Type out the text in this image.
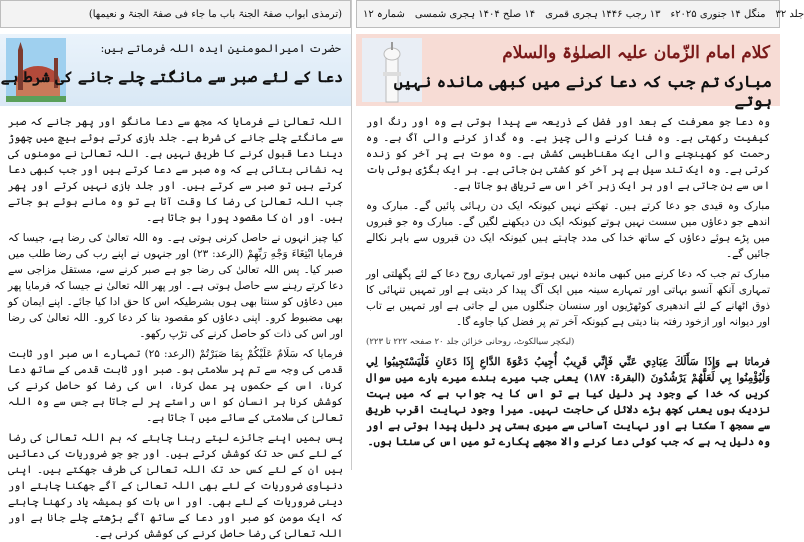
(ترمذی ابواب صفۃ الجنۃ باب ما جاء فی صفۃ الجنۃ و نعیمھا)
حضرت امیرالمومنین ایدہ اللہ فرماتے ہیں:
دعا کے لئے صبر سے مانگتے چلے جانے کی شرط ہے

اللہ تعالیٰ نے فرمایا کہ مجھ سے دعا مانگو اور پھر جانے کہ صبر سے مانگتے چلے جانے کی شرط ہے۔ جلد بازی کرتے ہوئے ہیچ میں چھوڑ دینا دعا قبول کرنے کا طریق نہیں ہے۔ اللہ تعالیٰ نے مومنوں کی یہ نشانی بتائی ہے کہ وہ صبر سے دعا کرتے ہیں اور جب کبھی دعا کرتے ہیں تو صبر سے کرتے ہیں۔ اور جلد بازی نہیں کرتے اور پھر جب اللہ تعالیٰ کی رضا کا وقت آتا ہے تو وہ مانے ہوئے ہو جاتے ہیں۔ اور ان کا مقصود پورا ہو جاتا ہے۔

کیا چیز انہوں نے حاصل کرنی ہوتی ہے۔ وہ اللہ تعالیٰ کی رضا ہے، جیسا کہ فرمایا ابْتِغَاءَ وَجْهِ رَبِّهِمْ (الرعد: ۲۳) اور جنہوں نے اپنے رب کی رضا طلب میں صبر کیا۔ پس اللہ تعالیٰ کی رضا جو ہے صبر کرنے سے، مستقل مزاجی سے دعا کرتے رہنے سے حاصل ہوتی ہے۔ اور پھر اللہ تعالیٰ نے جیسا کہ فرمایا پھر میں دعاؤں کو سنتا بھی ہوں بشرطیکہ اس کا حق ادا کیا جائے۔ اپنے ایمان کو بھی مضبوط کرو۔ اپنی دعاؤں کو مقصود بنا کر دعا کرو۔ اللہ تعالیٰ کی رضا اور اس کی ذات کو حاصل کرنے کی تڑپ رکھو۔

فرمایا کہ سَلَامٌ عَلَيْكُمْ بِمَا صَبَرْتُمْ (الرعد: ۲۵) تمہارے اس صبر اور ثابت قدمی کی وجہ سے تم پر سلامتی ہو۔ صبر اور ثابت قدمی کے ساتھ دعا کرنا، اس کے حکموں پر عمل کرنا، اس کی رضا کو حاصل کرنے کی کوشش کرنا ہر انسان کو اس راستے پر لے جاتا ہے جس سے وہ اللہ تعالیٰ کی سلامتی کے سائے میں آ جاتا ہے۔

پس ہمیں اپنے جائزے لیتے رہنا چاہئے کہ ہم اللہ تعالیٰ کی رضا کے لئے کس حد تک کوشش کرتے ہیں۔ اور جو جو ضروریات کی دعائیں ہیں ان کے لئے کس حد تک اللہ تعالیٰ کی طرف جھکتے ہیں۔ اپنی دنیاوی ضروریات کے لئے بھی اللہ تعالیٰ کے آگے جھکنا چاہئے اور دینی ضروریات کے لئے بھی۔ اور اس بات کو ہمیشہ یاد رکھنا چاہئے کہ ایک مومن کو صبر اور دعا کے ساتھ آگے بڑھتے چلے جانا ہے اور اللہ تعالیٰ کی رضا حاصل کرنے کی کوشش کرنی ہے۔

جلد ۳۲
منگل ۱۴ جنوری ۲۰۲۵ء
۱۳ رجب ۱۴۴۶ ہجری قمری
۱۴ صلح ۱۴۰۴ ہجری شمسی
شمارہ ۱۲
کلام امام الزّمان علیہ الصلوٰۃ والسلام
مبارک تم جب کہ دعا کرنے میں کبھی ماندہ نہیں ہوتے

وہ دعا جو معرفت کے بعد اور فضل کے ذریعہ سے پیدا ہوتی ہے وہ اور رنگ اور کیفیت رکھتی ہے۔ وہ فنا کرنے والی چیز ہے۔ وہ گداز کرنے والی آگ ہے۔ وہ رحمت کو کھینچنے والی ایک مقناطیسی کشش ہے۔ وہ موت ہے پر آخر کو زندہ کرتی ہے۔ وہ ایک تند سیل ہے پر آخر کو کشتی بن جاتی ہے۔ ہر ایک بگڑی ہوئی بات اس سے بن جاتی ہے اور ہر ایک زہر آخر اس سے تریاق ہو جاتا ہے۔

مبارک وہ قیدی جو دعا کرتے ہیں۔ تھکتے نہیں کیونکہ ایک دن رہائی پائیں گے۔ مبارک وہ اندھے جو دعاؤں میں سست نہیں ہوتے کیونکہ ایک دن دیکھنے لگیں گے۔ مبارک وہ جو قبروں میں پڑے ہوئے دعاؤں کے ساتھ خدا کی مدد چاہتے ہیں کیونکہ ایک دن قبروں سے باہر نکالے جائیں گے۔

مبارک تم جب کہ دعا کرنے میں کبھی ماندہ نہیں ہوتے اور تمہاری روح دعا کے لئے پگھلتی اور تمہاری آنکھ آنسو بہاتی اور تمہارے سینہ میں ایک آگ پیدا کر دیتی ہے اور تمہیں تنہائی کا ذوق اٹھانے کے لئے اندھیری کوٹھڑیوں اور سنسان جنگلوں میں لے جاتی ہے اور تمہیں بے تاب اور دیوانہ اور ازخود رفتہ بنا دیتی ہے کیونکہ آخر تم پر فضل کیا جاوے گا۔

(لیکچر سیالکوٹ، روحانی خزائن جلد ۲۰ صفحہ ۲۲۲ تا ۲۲۳)

فرماتا ہے وَإِذَا سَأَلَكَ عِبَادِي عَنِّي فَإِنِّي قَرِيبٌ أُجِيبُ دَعْوَةَ الدَّاعِ إِذَا دَعَانِ فَلْيَسْتَجِيبُوا لِي وَلْيُؤْمِنُوا بِي لَعَلَّهُمْ يَرْشُدُونَ (البقرۃ: ۱۸۷) یعنی جب میرے بندے میرے بارے میں سوال کریں کہ خدا کے وجود پر دلیل کیا ہے تو اس کا یہ جواب ہے کہ میں بہت نزدیک ہوں یعنی کچھ بڑے دلائل کی حاجت نہیں۔ میرا وجود نہایت اقرب طریق سے سمجھ آ سکتا ہے اور نہایت آسانی سے میری ہستی پر دلیل پیدا ہوتی ہے اور وہ دلیل یہ ہے کہ جب کوئی دعا کرنے والا مجھے پکارے تو میں اس کی سنتا ہوں۔
